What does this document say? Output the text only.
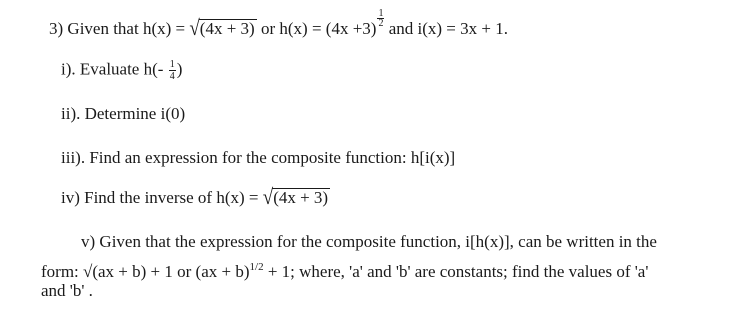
3) Given that h(x) = √(4x + 3) or h(x) = (4x +3)
$\frac{1}{2}$
and i(x) = 3x + 1.
i). Evaluate $h(- \frac{1}{4}$ )
ii). Determine i(0)
iii). Find an expression for the composite function: h[i(x)]
iv) Find the inverse of h(x) = √(4x + 3)
v) Given that the expression for the composite function, i[h(x)], can be written in the
form: √(ax + b) + 1 or (ax + b)$^{1/2}$ + 1; where, 'a' and 'b' are constants; find the values of 'a'
and 'b' .
